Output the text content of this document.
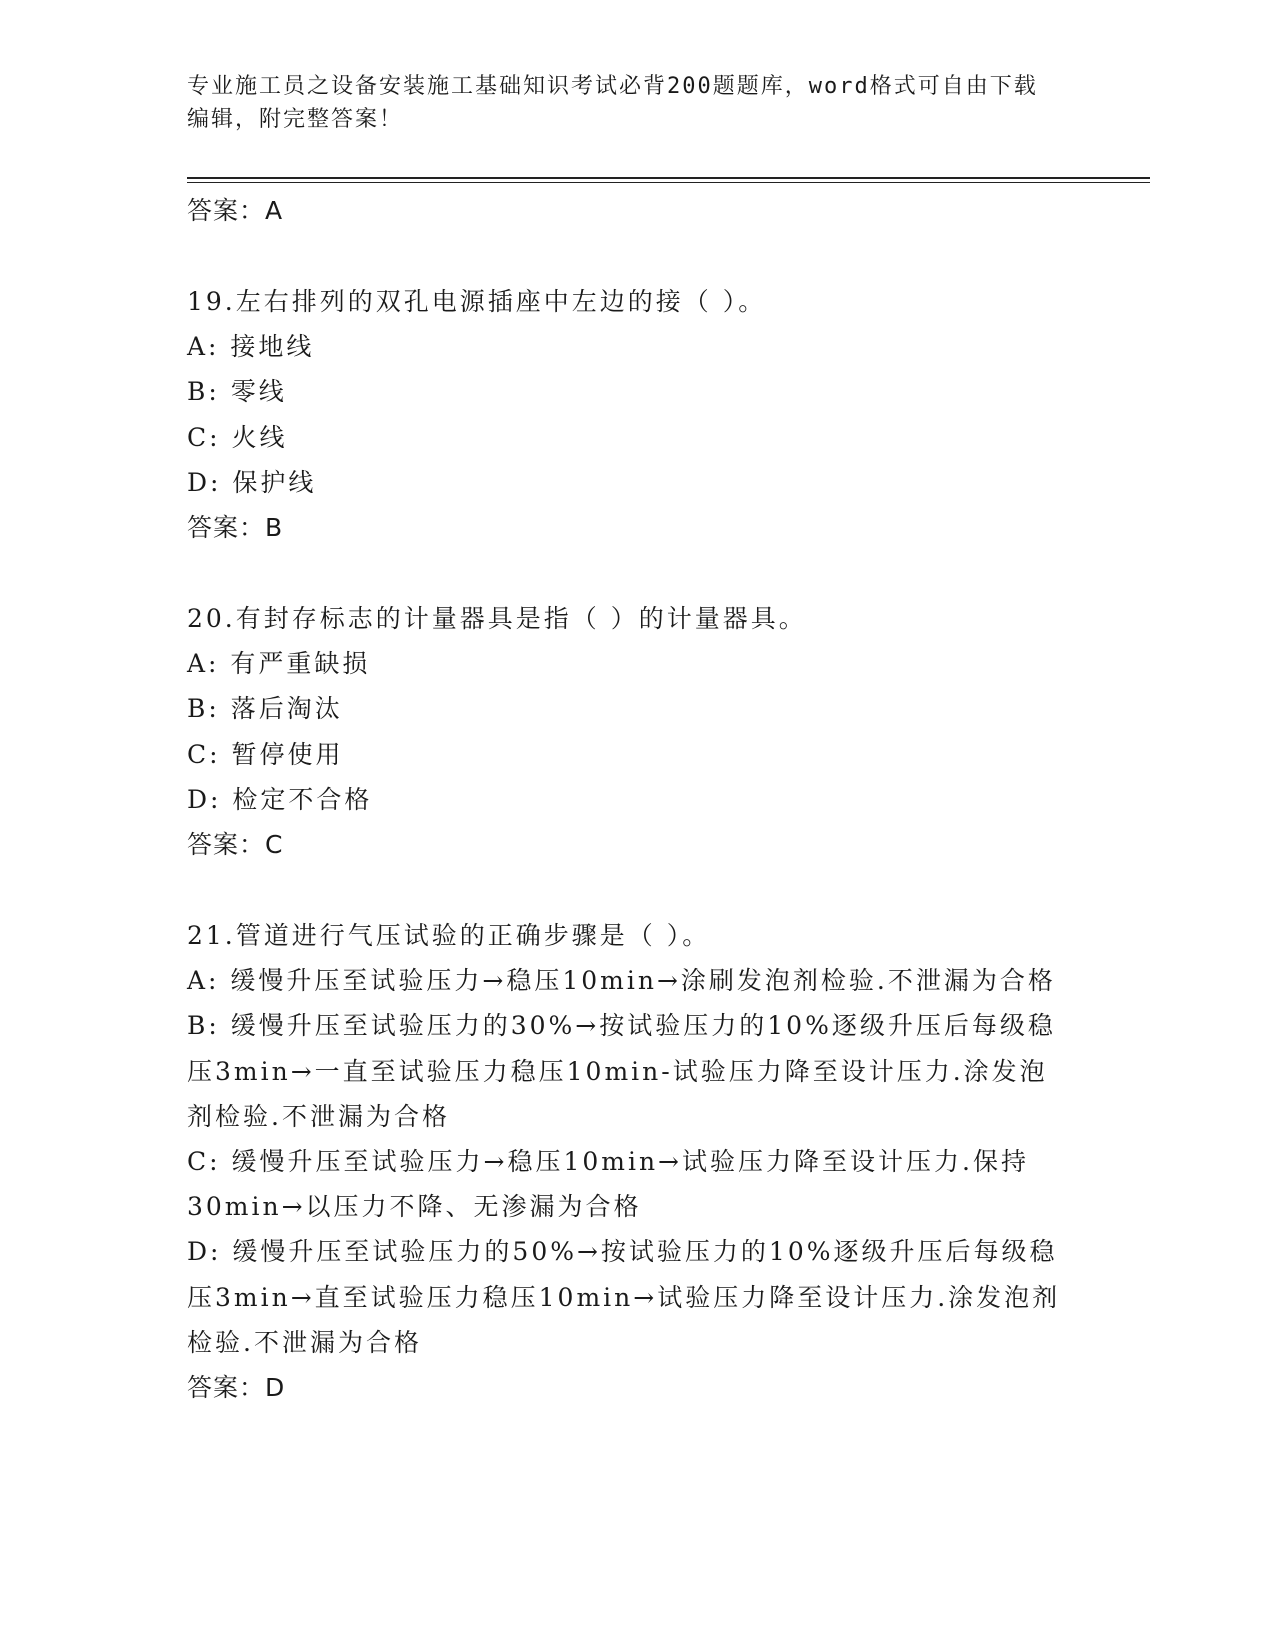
专业施工员之设备安装施工基础知识考试必背200题题库，word格式可自由下载
编辑，附完整答案！
答案：A
19.左右排列的双孔电源插座中左边的接（ ）。
A: 接地线
B: 零线
C: 火线
D: 保护线
答案：B
20.有封存标志的计量器具是指（ ）的计量器具。
A: 有严重缺损
B: 落后淘汰
C: 暂停使用
D: 检定不合格
答案：C
21.管道进行气压试验的正确步骤是（ ）。
A: 缓慢升压至试验压力→稳压10min→涂刷发泡剂检验.不泄漏为合格
B: 缓慢升压至试验压力的30%→按试验压力的10%逐级升压后每级稳
压3min→一直至试验压力稳压10min-试验压力降至设计压力.涂发泡
剂检验.不泄漏为合格
C: 缓慢升压至试验压力→稳压10min→试验压力降至设计压力.保持
30min→以压力不降、无渗漏为合格
D: 缓慢升压至试验压力的50%→按试验压力的10%逐级升压后每级稳
压3min→直至试验压力稳压10min→试验压力降至设计压力.涂发泡剂
检验.不泄漏为合格
答案：D
